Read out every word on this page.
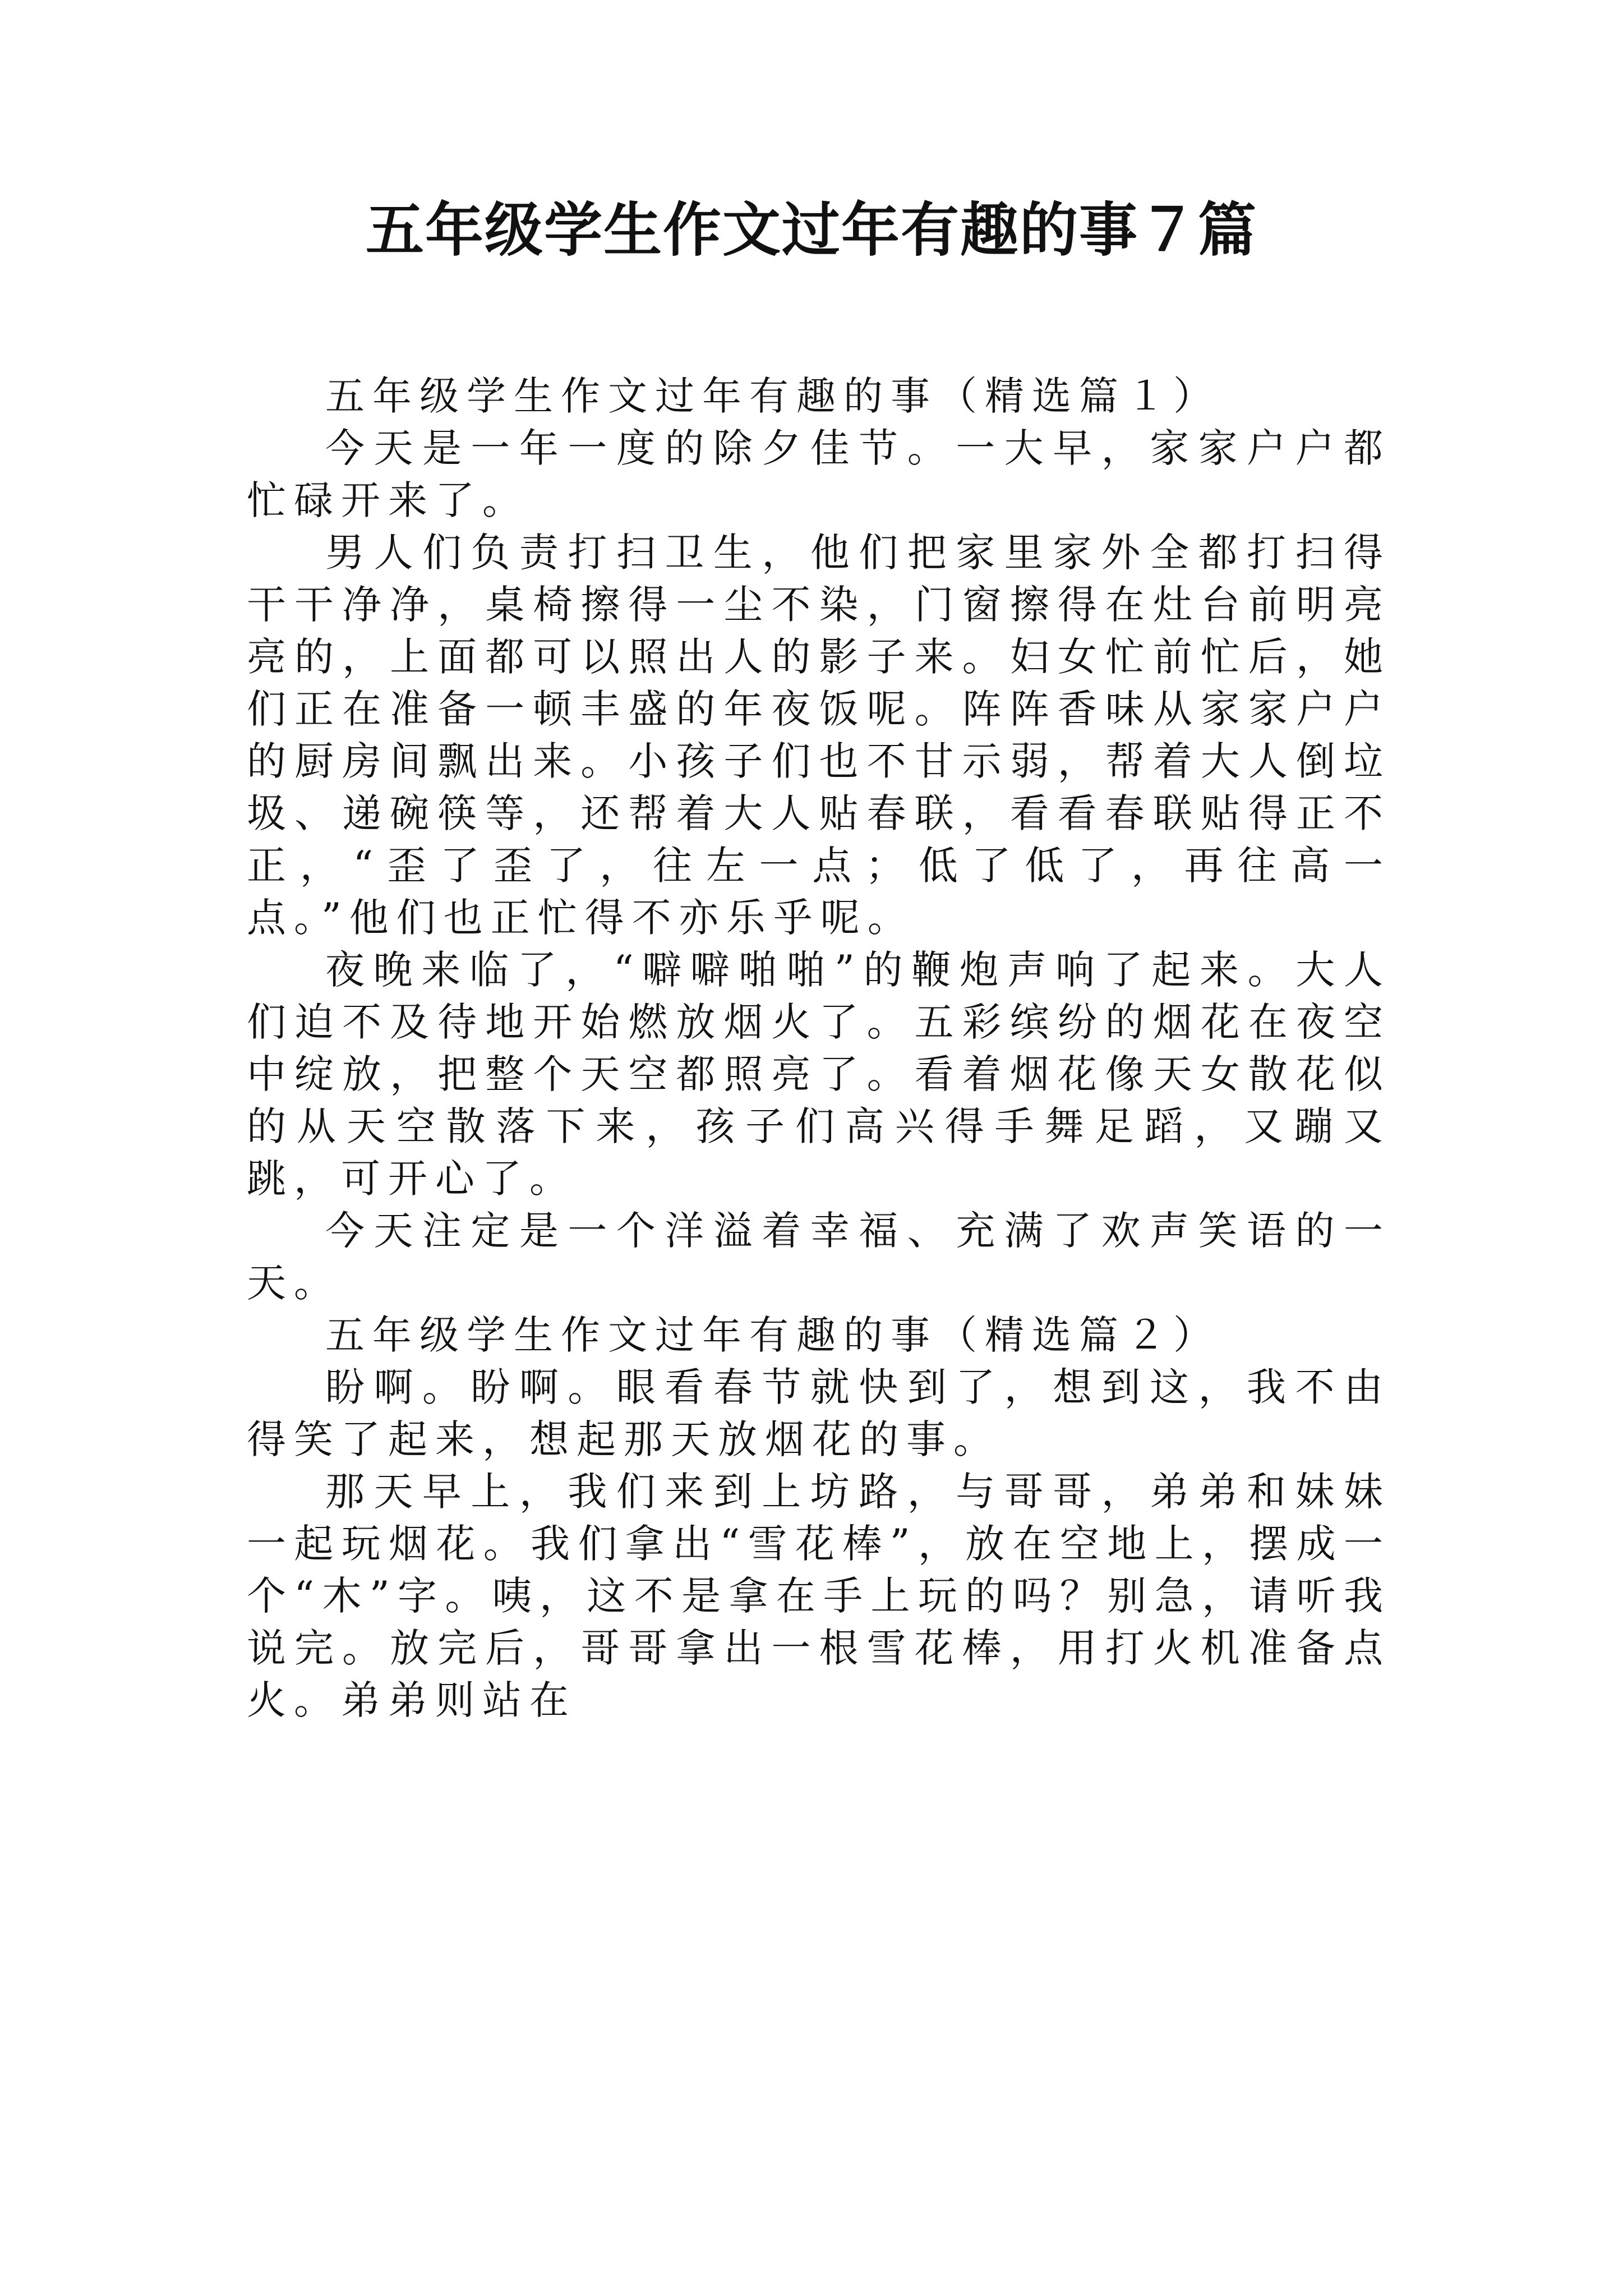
五年级学生作文过年有趣的事７篇

五年级学生作文过年有趣的事（精选篇１）

今天是一年一度的除夕佳节。一大早，家家户户都忙碌开来了。

男人们负责打扫卫生，他们把家里家外全都打扫得干干净净，桌椅擦得一尘不染，门窗擦得在灶台前明亮亮的，上面都可以照出人的影子来。妇女忙前忙后，她们正在准备一顿丰盛的年夜饭呢。阵阵香味从家家户户的厨房间飘出来。小孩子们也不甘示弱，帮着大人倒垃圾、递碗筷等，还帮着大人贴春联，看看春联贴得正不正，“歪了歪了，往左一点；低了低了，再往高一点。”他们也正忙得不亦乐乎呢。

夜晚来临了，“噼噼啪啪”的鞭炮声响了起来。大人们迫不及待地开始燃放烟火了。五彩缤纷的烟花在夜空中绽放，把整个天空都照亮了。看着烟花像天女散花似的从天空散落下来，孩子们高兴得手舞足蹈，又蹦又跳，可开心了。

今天注定是一个洋溢着幸福、充满了欢声笑语的一天。

五年级学生作文过年有趣的事（精选篇２）

盼啊。盼啊。眼看春节就快到了，想到这，我不由得笑了起来，想起那天放烟花的事。

那天早上，我们来到上坊路，与哥哥，弟弟和妹妹一起玩烟花。我们拿出“雪花棒”，放在空地上，摆成一个“木”字。咦，这不是拿在手上玩的吗？别急，请听我说完。放完后，哥哥拿出一根雪花棒，用打火机准备点火。弟弟则站在
